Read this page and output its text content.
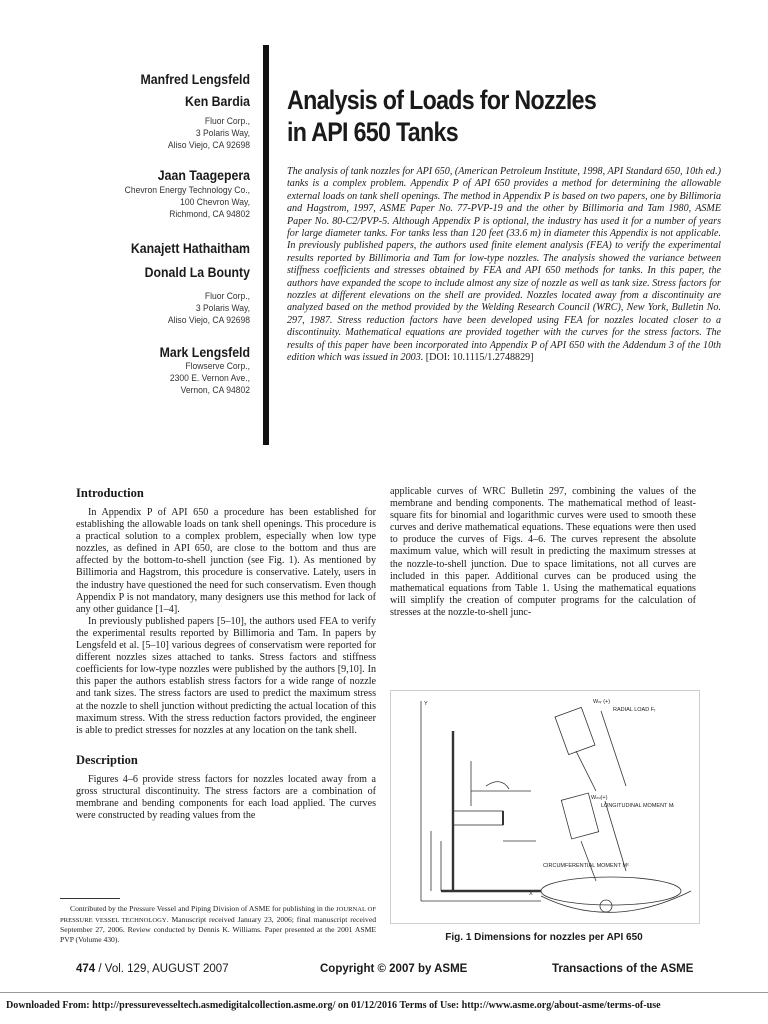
Manfred Lengsfeld
Ken Bardia
Fluor Corp.,
3 Polaris Way,
Aliso Viejo, CA 92698
Jaan Taagepera
Chevron Energy Technology Co.,
100 Chevron Way,
Richmond, CA 94802
Kanajett Hathaitham
Donald La Bounty
Fluor Corp.,
3 Polaris Way,
Aliso Viejo, CA 92698
Mark Lengsfeld
Flowserve Corp.,
2300 E. Vernon Ave.,
Vernon, CA 94802
Analysis of Loads for Nozzles
in API 650 Tanks
The analysis of tank nozzles for API 650, (American Petroleum Institute, 1998, API Standard 650, 10th ed.) tanks is a complex problem. Appendix P of API 650 provides a method for determining the allowable external loads on tank shell openings. The method in Appendix P is based on two papers, one by Billimoria and Hagstrom, 1997, ASME Paper No. 77-PVP-19 and the other by Billimoria and Tam 1980, ASME Paper No. 80-C2/PVP-5. Although Appendix P is optional, the industry has used it for a number of years for large diameter tanks. For tanks less than 120 feet (33.6 m) in diameter this Appendix is not applicable. In previously published papers, the authors used finite element analysis (FEA) to verify the experimental results reported by Billimoria and Tam for low-type nozzles. The analysis showed the variance between stiffness coefficients and stresses obtained by FEA and API 650 methods for tanks. In this paper, the authors have expanded the scope to include almost any size of nozzle as well as tank size. Stress factors for nozzles at different elevations on the shell are provided. Nozzles located away from a discontinuity are analyzed based on the method provided by the Welding Research Council (WRC), New York, Bulletin No. 297, 1987. Stress reduction factors have been developed using FEA for nozzles located closer to a discontinuity. Mathematical equations are provided together with the curves for the stress factors. The results of this paper have been incorporated into Appendix P of API 650 with the Addendum 3 of the 10th edition which was issued in 2003. [DOI: 10.1115/1.2748829]
Introduction

In Appendix P of API 650 a procedure has been established for establishing the allowable loads on tank shell openings. This procedure is a practical solution to a complex problem, especially when low type nozzles, as defined in API 650, are close to the bottom and thus are affected by the bottom-to-shell junction (see Fig. 1). As mentioned by Billimoria and Hagstrom, this procedure is conservative. Lately, users in the industry have questioned the need for such conservatism. Even though Appendix P is not mandatory, many designers use this method for lack of any other guidance [1–4].

In previously published papers [5–10], the authors used FEA to verify the experimental results reported by Billimoria and Tam. In papers by Lengsfeld et al. [5–10] various degrees of conservatism were reported for different nozzles sizes attached to tanks. Stress factors and stiffness coefficients for low-type nozzles were published by the authors [9,10]. In this paper the authors establish stress factors for a wide range of nozzle and tank sizes. The stress factors are used to predict the maximum stress at the nozzle to shell junction without predicting the actual location of this maximum stress. With the stress reduction factors provided, the engineer is able to predict stresses for nozzles at any location on the tank shell.

Description

Figures 4–6 provide stress factors for nozzles located away from a gross structural discontinuity. The stress factors are a combination of membrane and bending components for each load applied. The curves were constructed by reading values from the

applicable curves of WRC Bulletin 297, combining the values of the membrane and bending components. The mathematical method of least-square fits for binomial and logarithmic curves were used to smooth these curves and derive mathematical equations. These equations were then used to produce the curves of Figs. 4–6. The curves represent the absolute maximum value, which will result in predicting the maximum stresses at the nozzle-to-shell junction. Due to space limitations, not all curves are included in this paper. Additional curves can be produced using the mathematical equations from Table 1. Using the mathematical equations will simplify the creation of computer programs for the calculation of stresses at the nozzle-to-shell junc-

Contributed by the Pressure Vessel and Piping Division of ASME for publishing in the JOURNAL OF PRESSURE VESSEL TECHNOLOGY. Manuscript received January 23, 2006; final manuscript received September 27, 2006. Review conducted by Dennis K. Williams. Paper presented at the 2001 ASME PVP (Volume 430).
Y
X
Wₙᵣ (+)
RADIAL LOAD Fᵣ
Wₘₗ(+)
LONGITUDINAL MOMENT Mₗ
CIRCUMFERENTIAL MOMENT Mᶜ
Fig. 1 Dimensions for nozzles per API 650
474 / Vol. 129, AUGUST 2007	Copyright © 2007 by ASME	Transactions of the ASME
Downloaded From: http://pressurevesseltech.asmedigitalcollection.asme.org/ on 01/12/2016 Terms of Use: http://www.asme.org/about-asme/terms-of-use
